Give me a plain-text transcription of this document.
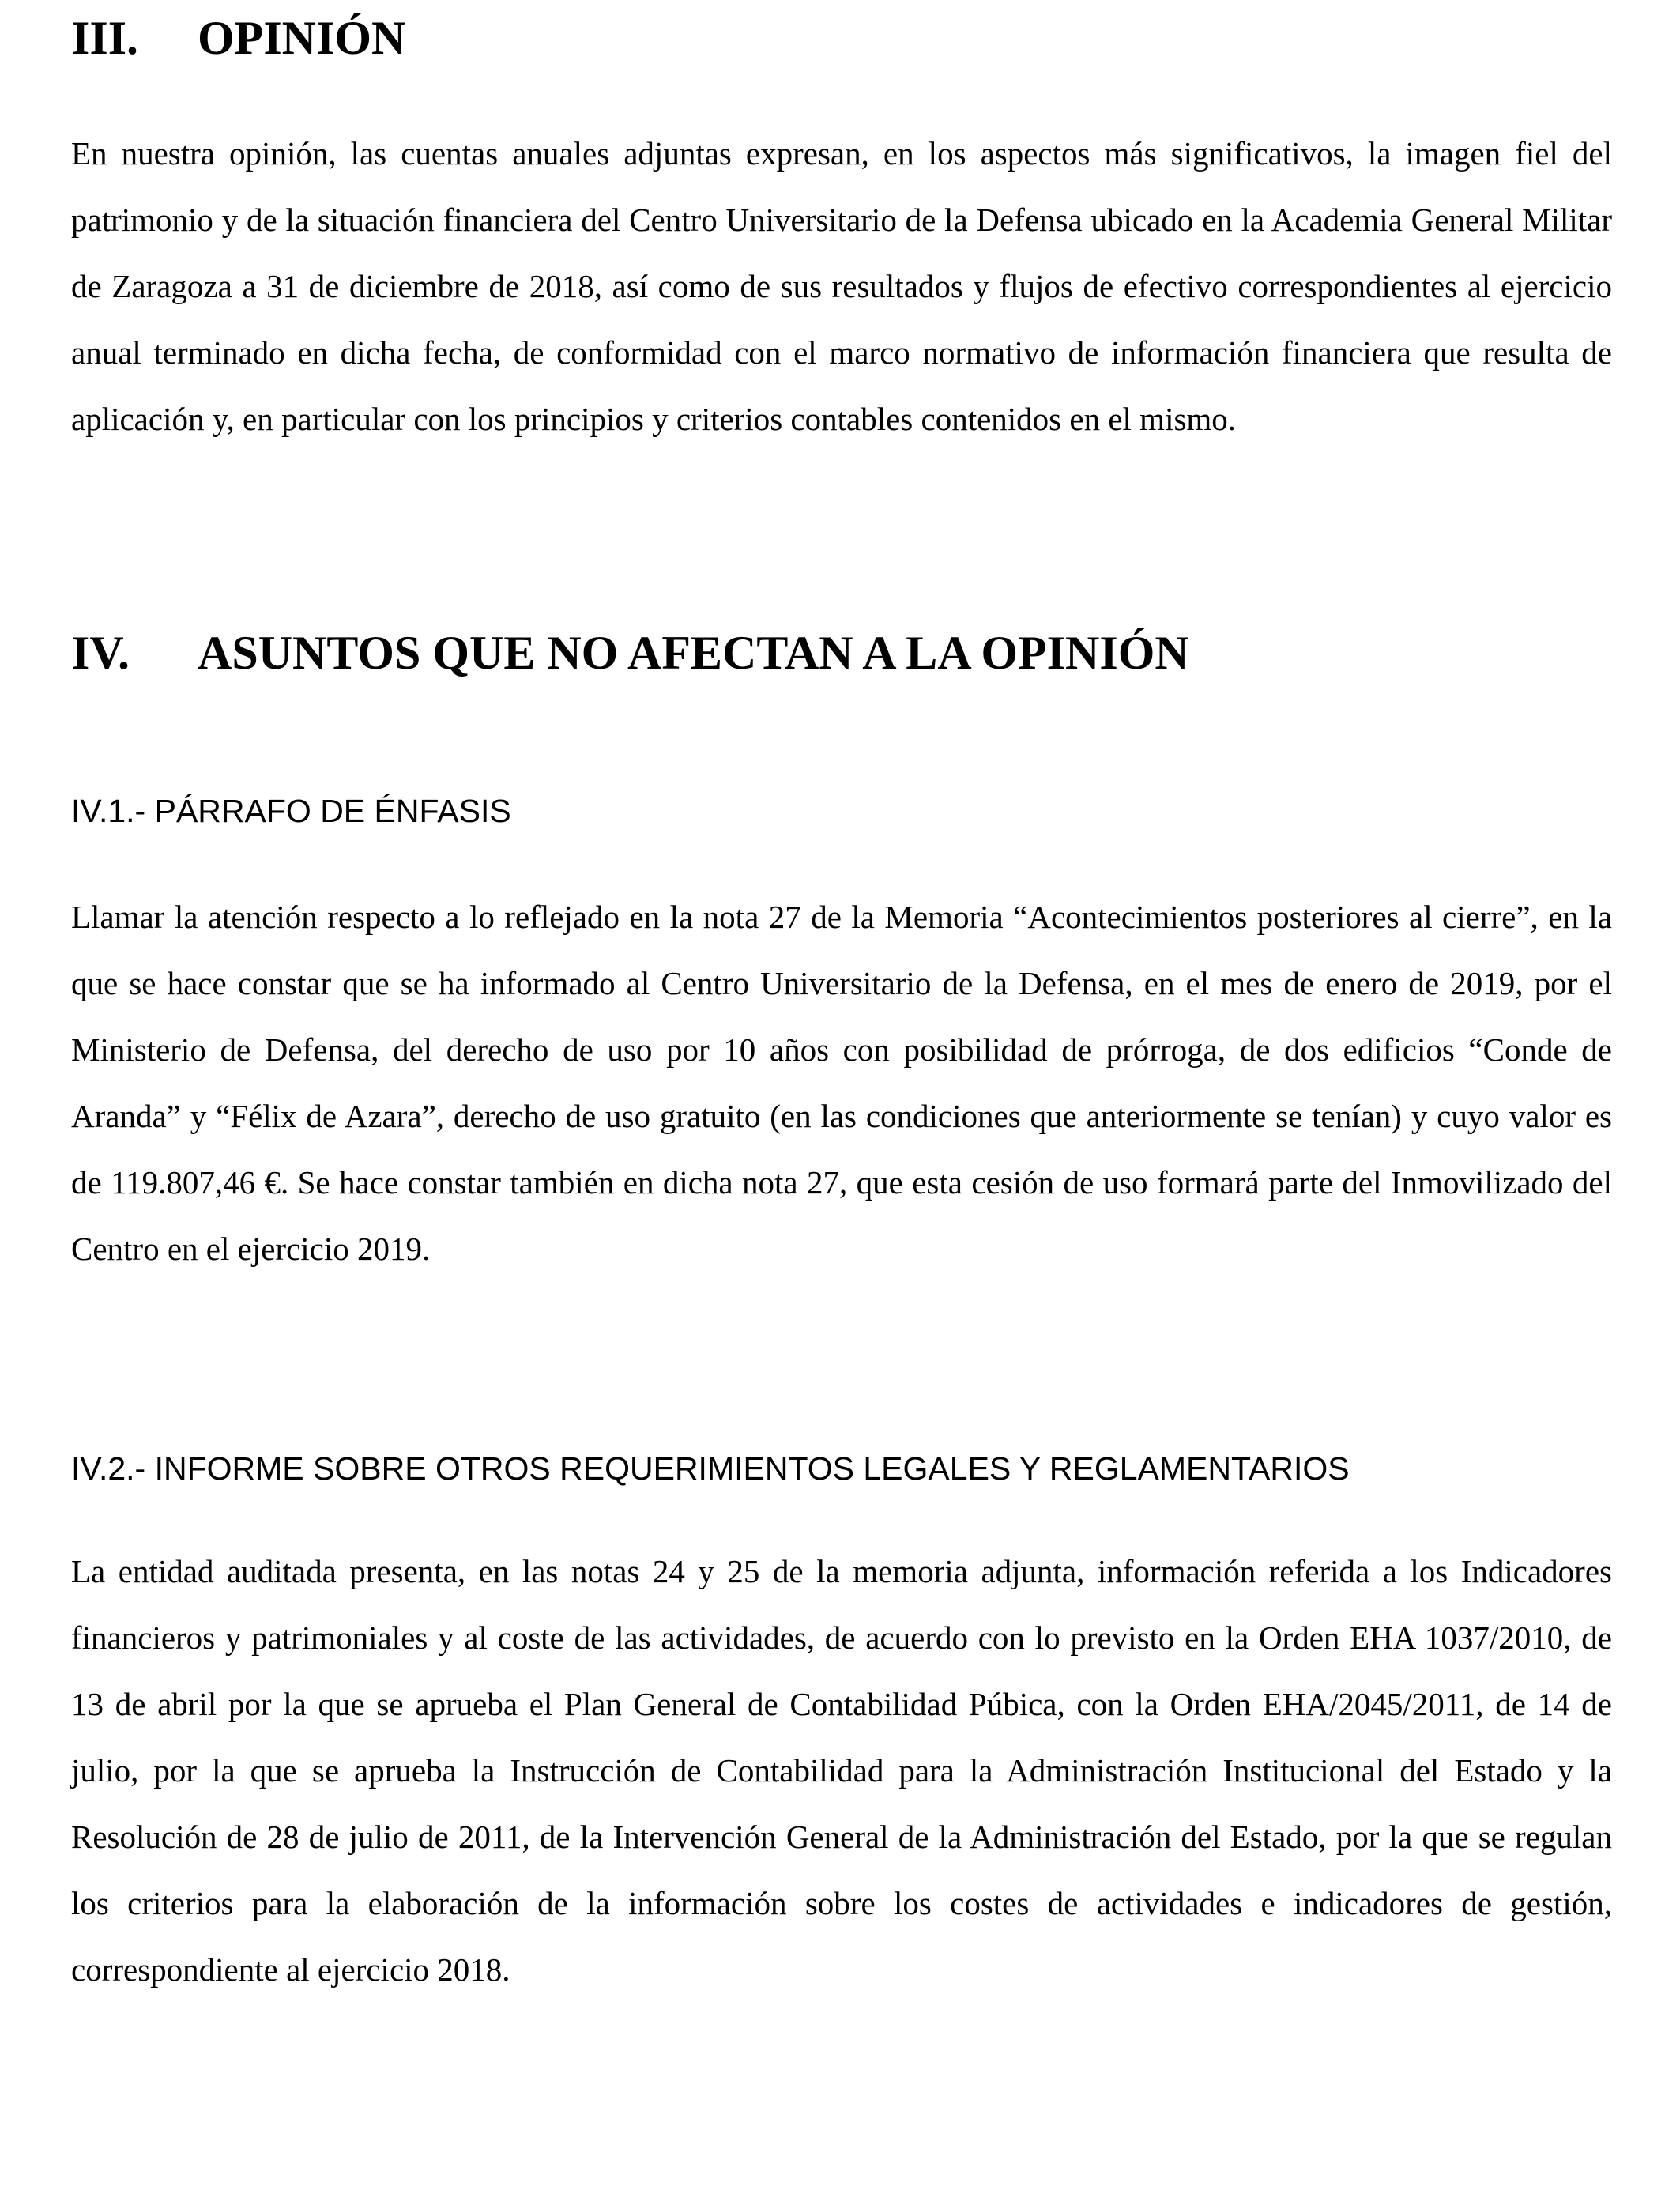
III. OPINIÓN

En nuestra opinión, las cuentas anuales adjuntas expresan, en los aspectos más significativos, la imagen fiel del patrimonio y de la situación financiera del Centro Universitario de la Defensa ubicado en la Academia General Militar de Zaragoza a 31 de diciembre de 2018, así como de sus resultados y flujos de efectivo correspondientes al ejercicio anual terminado en dicha fecha, de conformidad con el marco normativo de información financiera que resulta de aplicación y, en particular con los principios y criterios contables contenidos en el mismo.

IV. ASUNTOS QUE NO AFECTAN A LA OPINIÓN
IV.1.- PÁRRAFO DE ÉNFASIS

Llamar la atención respecto a lo reflejado en la nota 27 de la Memoria “Acontecimientos posteriores al cierre”, en la que se hace constar que se ha informado al Centro Universitario de la Defensa, en el mes de enero de 2019, por el Ministerio de Defensa, del derecho de uso por 10 años con posibilidad de prórroga, de dos edificios “Conde de Aranda” y “Félix de Azara”, derecho de uso gratuito (en las condiciones que anteriormente se tenían) y cuyo valor es de 119.807,46 €. Se hace constar también en dicha nota 27, que esta cesión de uso formará parte del Inmovilizado del Centro en el ejercicio 2019.

IV.2.- INFORME SOBRE OTROS REQUERIMIENTOS LEGALES Y REGLAMENTARIOS

La entidad auditada presenta, en las notas 24 y 25 de la memoria adjunta, información referida a los Indicadores financieros y patrimoniales y al coste de las actividades, de acuerdo con lo previsto en la Orden EHA 1037/2010, de 13 de abril por la que se aprueba el Plan General de Contabilidad Púbica, con la Orden EHA/2045/2011, de 14 de julio, por la que se aprueba la Instrucción de Contabilidad para la Administración Institucional del Estado y la Resolución de 28 de julio de 2011, de la Intervención General de la Administración del Estado, por la que se regulan los criterios para la elaboración de la información sobre los costes de actividades e indicadores de gestión, correspondiente al ejercicio 2018.
